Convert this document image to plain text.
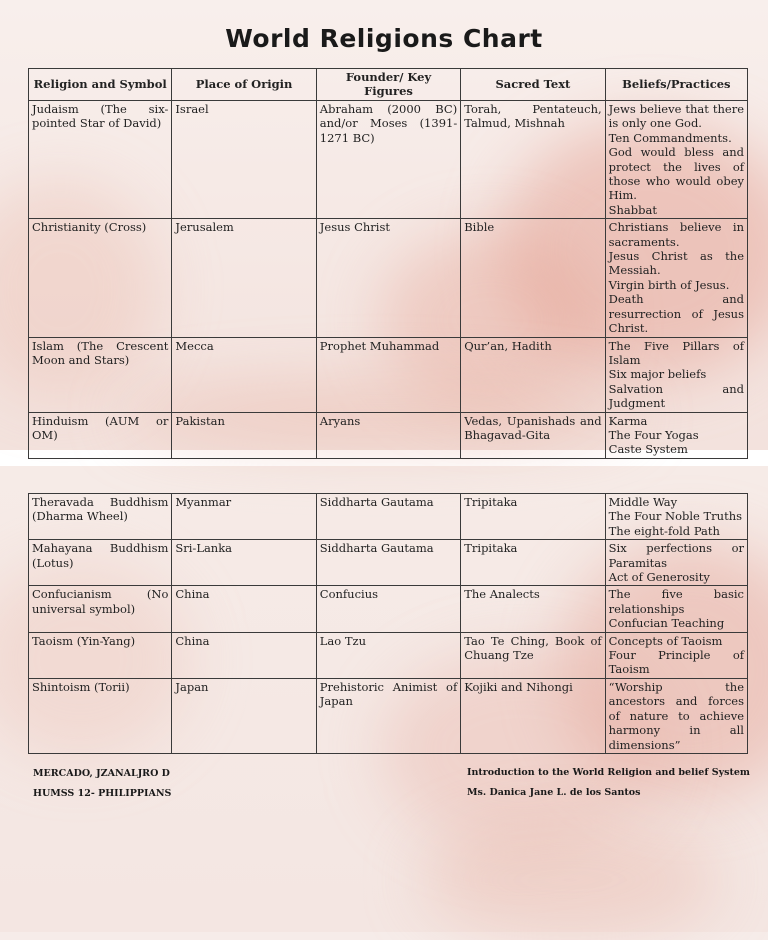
World Religions Chart
Religion and Symbol	Place of Origin	Founder/ Key Figures	Sacred Text	Beliefs/Practices
Judaism (The six-pointed Star of David)	Israel	Abraham (2000 BC) and/or Moses (1391-1271 BC)	Torah, Pentateuch, Talmud, Mishnah	Jews believe that there is only one God.
Ten Commandments.
God would bless and protect the lives of those who would obey Him.
Shabbat

Christianity (Cross)	Jerusalem	Jesus Christ	Bible	Christians believe in sacraments.
Jesus Christ as the Messiah.
Virgin birth of Jesus.
Death and resurrection of Jesus Christ.

Islam (The Crescent Moon and Stars)	Mecca	Prophet Muhammad	Qur’an, Hadith	The Five Pillars of Islam
Six major beliefs
Salvation and Judgment

Hinduism (AUM or OM)	Pakistan	Aryans	Vedas, Upanishads and Bhagavad-Gita	Karma
The Four Yogas
Caste System
Theravada Buddhism (Dharma Wheel)	Myanmar	Siddharta Gautama	Tripitaka	Middle Way
The Four Noble Truths
The eight-fold Path

Mahayana Buddhism (Lotus)	Sri-Lanka	Siddharta Gautama	Tripitaka	Six perfections or Paramitas
Act of Generosity

Confucianism (No universal symbol)	China	Confucius	The Analects	The five basic relationships
Confucian Teaching

Taoism (Yin-Yang)	China	Lao Tzu	Tao Te Ching, Book of Chuang Tze	Concepts of Taoism
Four Principle of Taoism

Shintoism (Torii)	Japan	Prehistoric Animist of Japan	Kojiki and Nihongi	“Worship the ancestors and forces of nature to achieve harmony in all dimensions”
MERCADO, JZANALJRO D
HUMSS 12- PHILIPPIANS
Introduction to the World Religion and belief System
Ms. Danica Jane L. de los Santos
